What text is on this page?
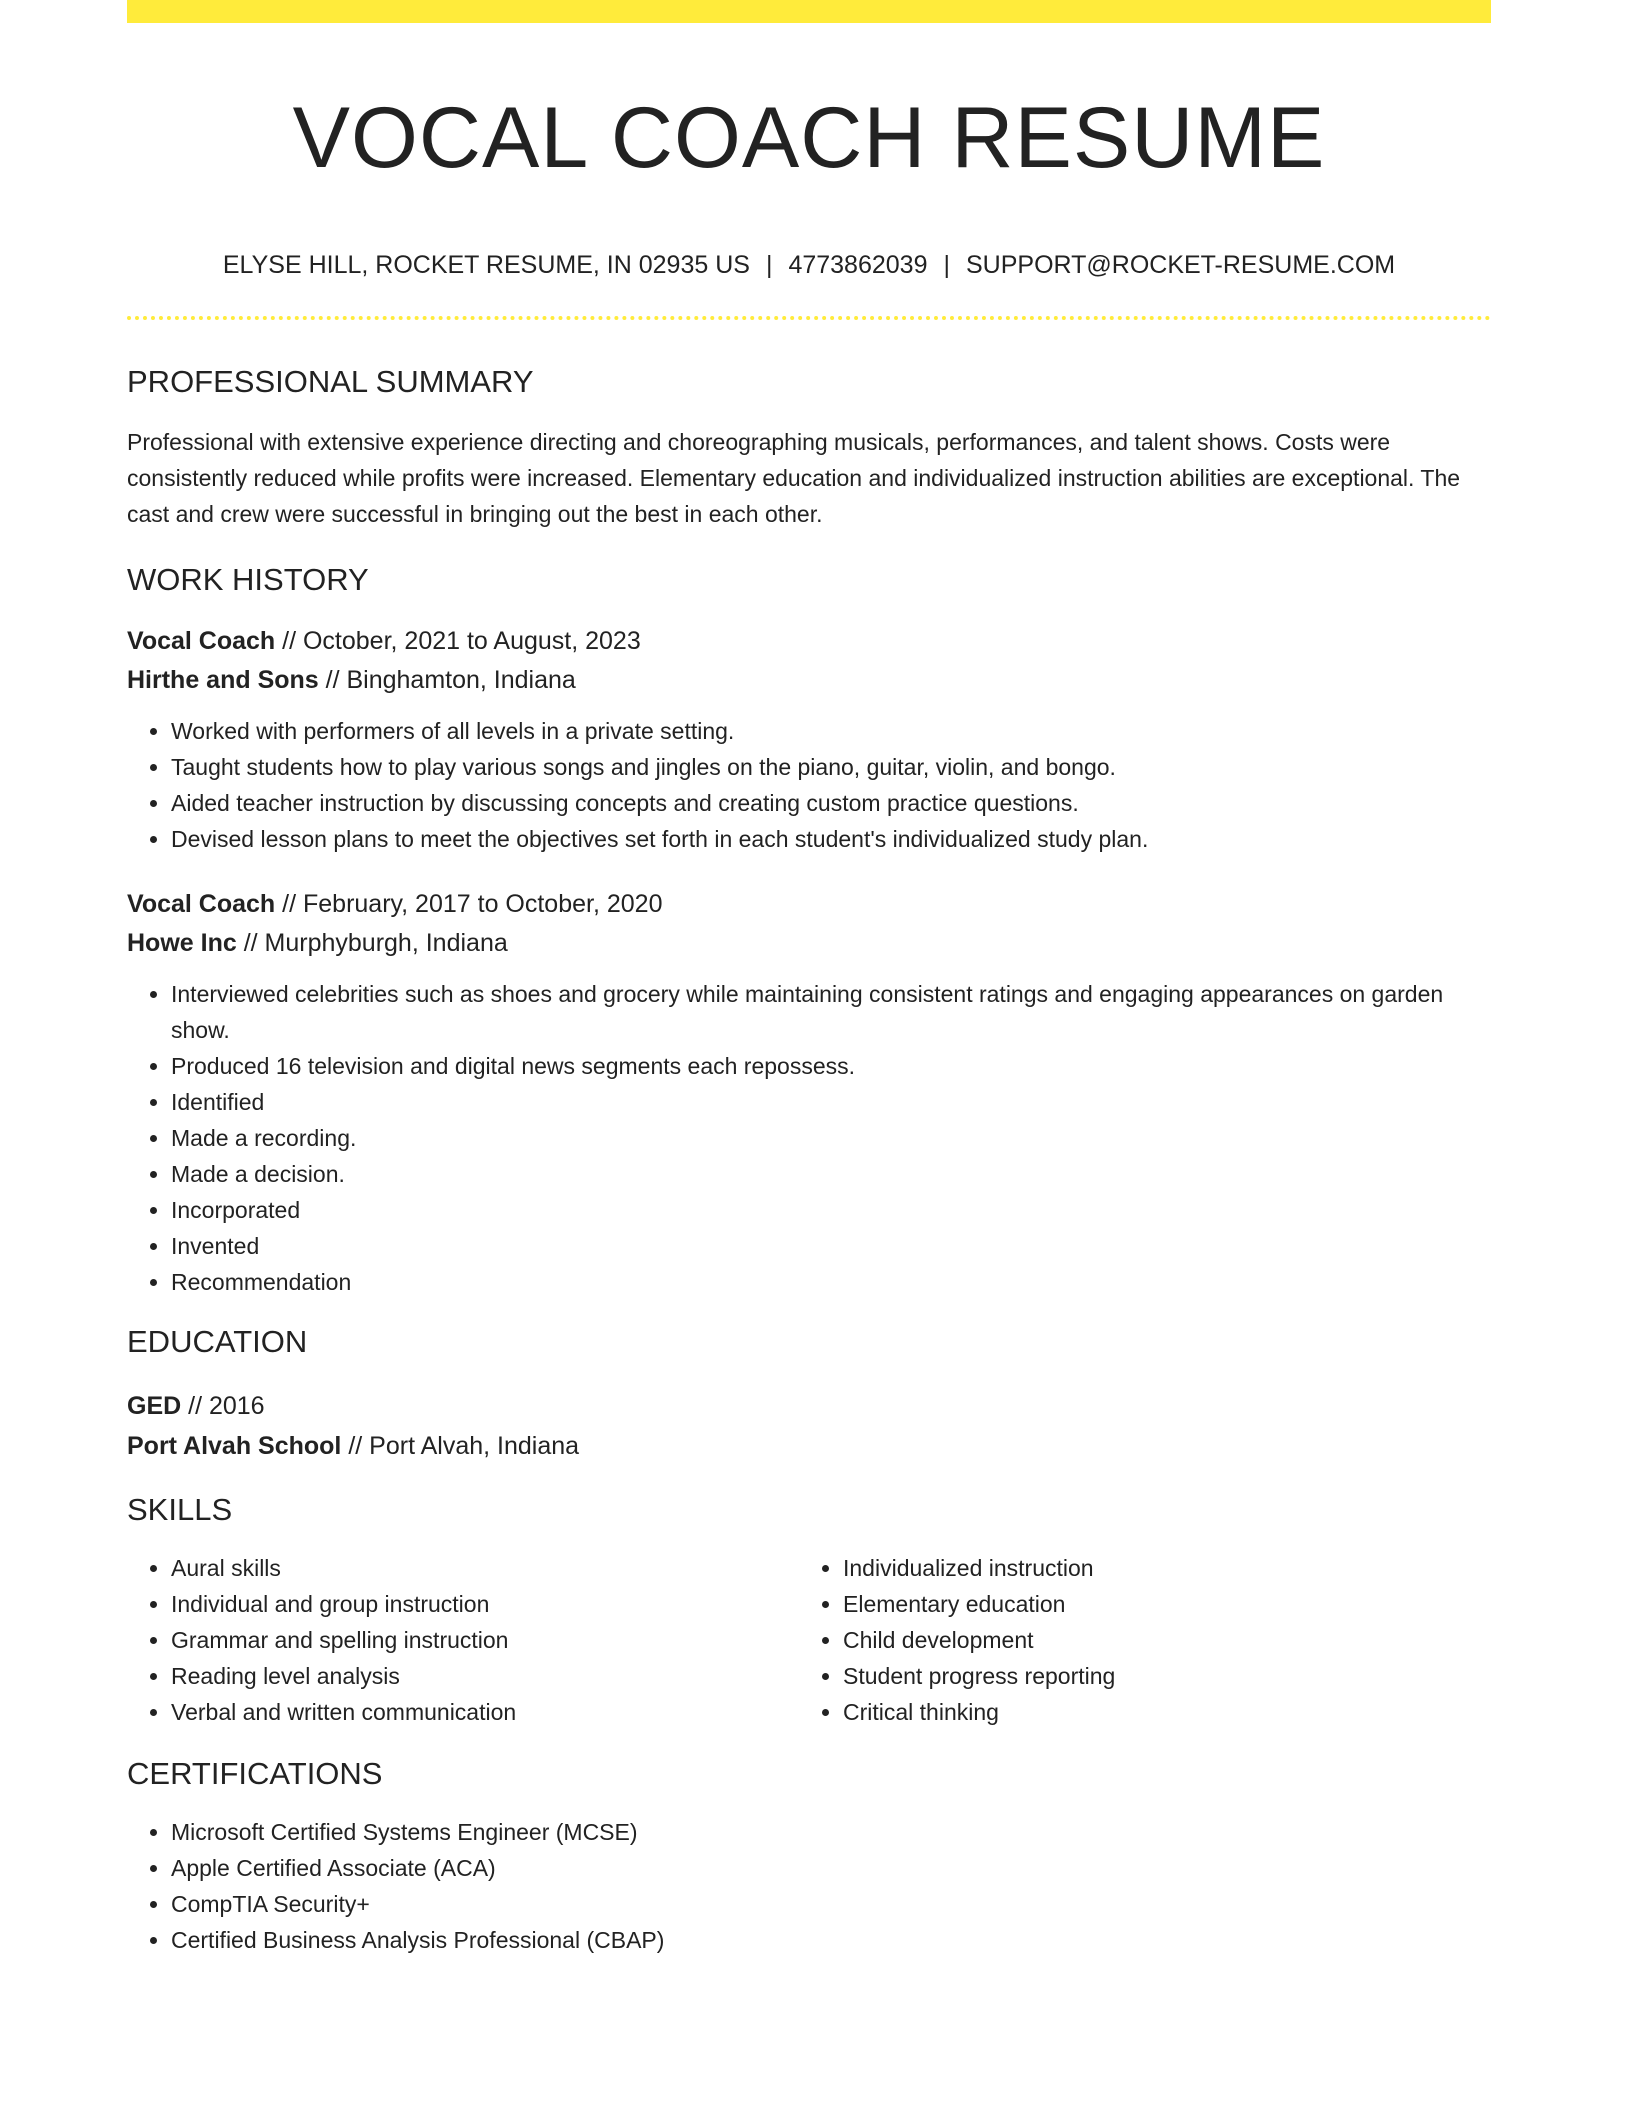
VOCAL COACH RESUME
ELYSE HILL, ROCKET RESUME, IN 02935 US | 4773862039 | SUPPORT@ROCKET-RESUME.COM
PROFESSIONAL SUMMARY
Professional with extensive experience directing and choreographing musicals, performances, and talent shows. Costs were consistently reduced while profits were increased. Elementary education and individualized instruction abilities are exceptional. The cast and crew were successful in bringing out the best in each other.
WORK HISTORY
Vocal Coach // October, 2021 to August, 2023
Hirthe and Sons // Binghamton, Indiana
• Worked with performers of all levels in a private setting.
• Taught students how to play various songs and jingles on the piano, guitar, violin, and bongo.
• Aided teacher instruction by discussing concepts and creating custom practice questions.
• Devised lesson plans to meet the objectives set forth in each student's individualized study plan.
Vocal Coach // February, 2017 to October, 2020
Howe Inc // Murphyburgh, Indiana
• Interviewed celebrities such as shoes and grocery while maintaining consistent ratings and engaging appearances on garden show.
• Produced 16 television and digital news segments each repossess.
• Identified
• Made a recording.
• Made a decision.
• Incorporated
• Invented
• Recommendation
EDUCATION
GED // 2016
Port Alvah School // Port Alvah, Indiana
SKILLS
• Aural skills
• Individual and group instruction
• Grammar and spelling instruction
• Reading level analysis
• Verbal and written communication
• Individualized instruction
• Elementary education
• Child development
• Student progress reporting
• Critical thinking
CERTIFICATIONS
• Microsoft Certified Systems Engineer (MCSE)
• Apple Certified Associate (ACA)
• CompTIA Security+
• Certified Business Analysis Professional (CBAP)
